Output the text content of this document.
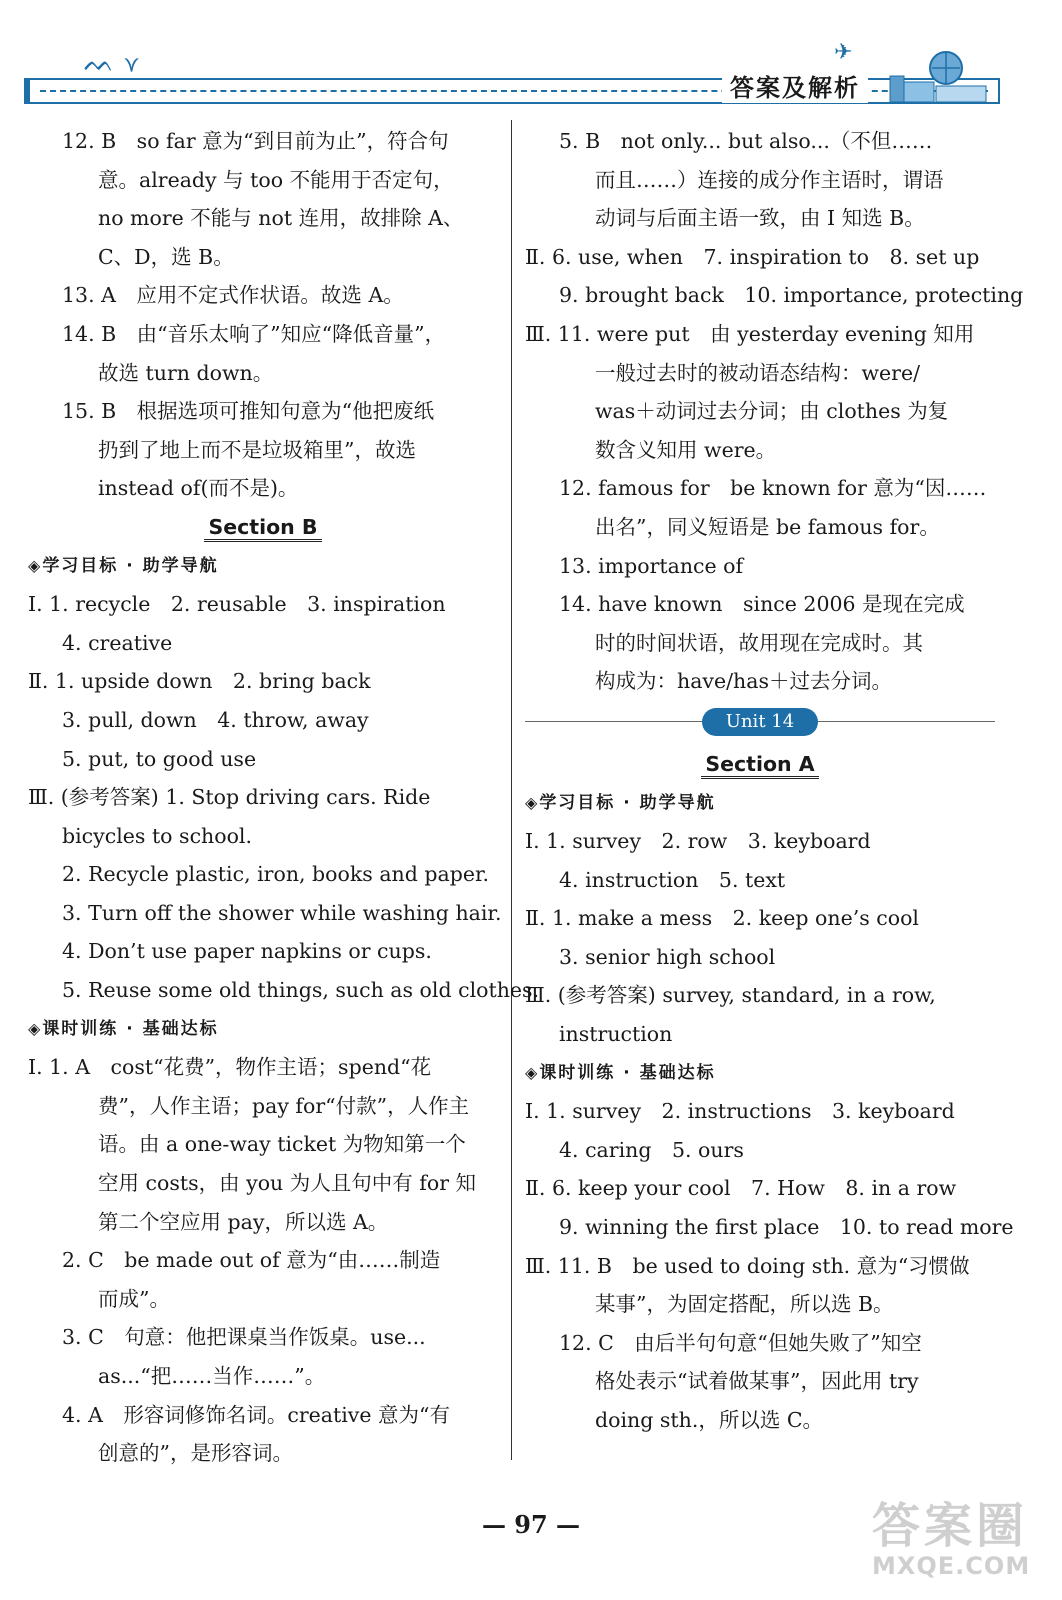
ᨓ ⋎	✈
答案及解析
12. B　so far 意为“到目前为止”，符合句
意。already 与 too 不能用于否定句，
no more 不能与 not 连用，故排除 A、
C、D，选 B。
13. A　应用不定式作状语。故选 A。
14. B　由“音乐太响了”知应“降低音量”，
故选 turn down。
15. B　根据选项可推知句意为“他把废纸
扔到了地上而不是垃圾箱里”，故选
instead of(而不是)。
Section B
◈学习目标 · 助学导航
Ⅰ. 1. recycle　2. reusable　3. inspiration
4. creative
Ⅱ. 1. upside down　2. bring back
3. pull, down　4. throw, away
5. put, to good use
Ⅲ. (参考答案) 1. Stop driving cars. Ride
bicycles to school.
2. Recycle plastic, iron, books and paper.
3. Turn off the shower while washing hair.
4. Don’t use paper napkins or cups.
5. Reuse some old things, such as old clothes.
◈课时训练 · 基础达标
Ⅰ. 1. A　cost“花费”，物作主语；spend“花
费”，人作主语；pay for“付款”，人作主
语。由 a one-way ticket 为物知第一个
空用 costs，由 you 为人且句中有 for 知
第二个空应用 pay，所以选 A。
2. C　be made out of 意为“由……制造
而成”。
3. C　句意：他把课桌当作饭桌。use...
as...“把……当作……”。
4. A　形容词修饰名词。creative 意为“有
创意的”，是形容词。
5. B　not only... but also...（不但……
而且……）连接的成分作主语时，谓语
动词与后面主语一致，由 I 知选 B。
Ⅱ. 6. use, when　7. inspiration to　8. set up
9. brought back　10. importance, protecting
Ⅲ. 11. were put　由 yesterday evening 知用
一般过去时的被动语态结构：were/
was＋动词过去分词；由 clothes 为复
数含义知用 were。
12. famous for　be known for 意为“因……
出名”，同义短语是 be famous for。
13. importance of
14. have known　since 2006 是现在完成
时的时间状语，故用现在完成时。其
构成为：have/has＋过去分词。
Unit 14
Section A
◈学习目标 · 助学导航
Ⅰ. 1. survey　2. row　3. keyboard
4. instruction　5. text
Ⅱ. 1. make a mess　2. keep one’s cool
3. senior high school
Ⅲ. (参考答案) survey, standard, in a row,
instruction
◈课时训练 · 基础达标
Ⅰ. 1. survey　2. instructions　3. keyboard
4. caring　5. ours
Ⅱ. 6. keep your cool　7. How　8. in a row
9. winning the first place　10. to read more
Ⅲ. 11. B　be used to doing sth. 意为“习惯做
某事”，为固定搭配，所以选 B。
12. C　由后半句句意“但她失败了”知空
格处表示“试着做某事”，因此用 try
doing sth.，所以选 C。
— 97 —	答案圈
MXQE.COM
